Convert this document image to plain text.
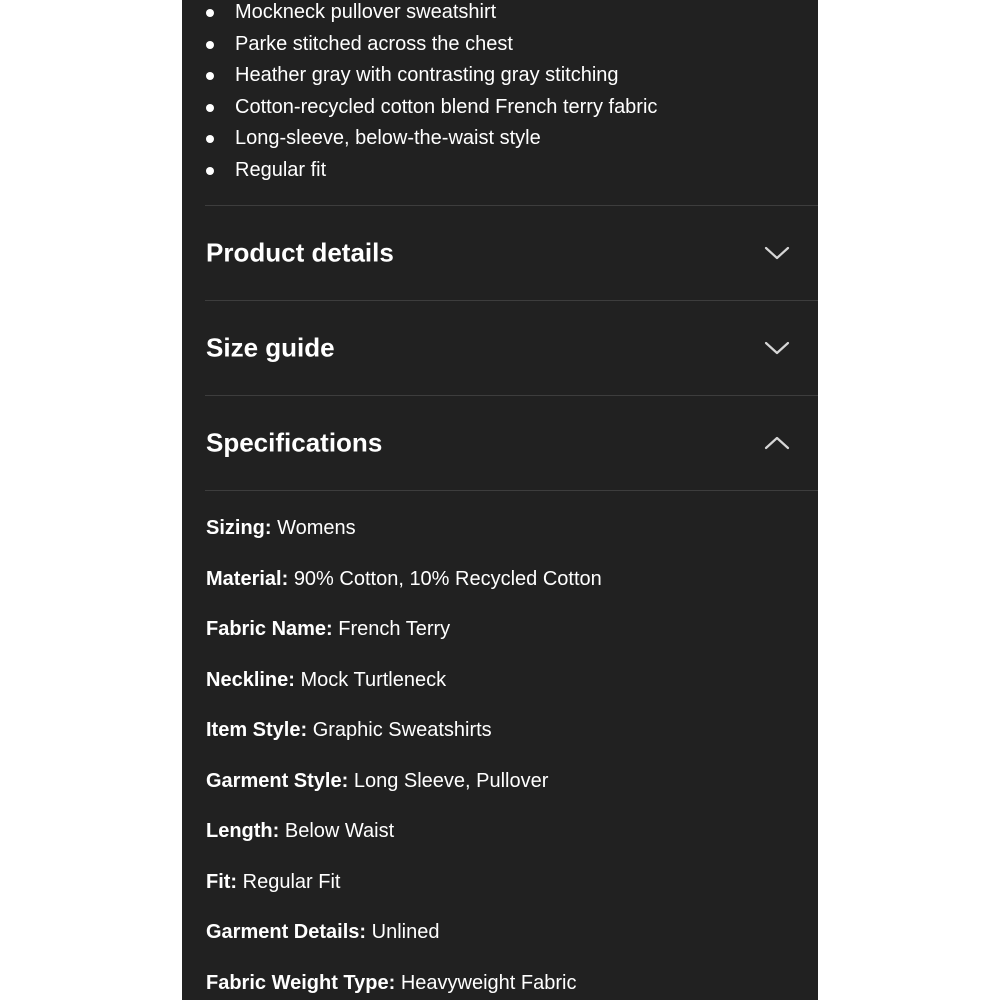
Mockneck pullover sweatshirt
Parke stitched across the chest
Heather gray with contrasting gray stitching
Cotton-recycled cotton blend French terry fabric
Long-sleeve, below-the-waist style
Regular fit
Product details
Size guide
Specifications
Sizing: Womens
Material: 90% Cotton, 10% Recycled Cotton
Fabric Name: French Terry
Neckline: Mock Turtleneck
Item Style: Graphic Sweatshirts
Garment Style: Long Sleeve, Pullover
Length: Below Waist
Fit: Regular Fit
Garment Details: Unlined
Fabric Weight Type: Heavyweight Fabric
